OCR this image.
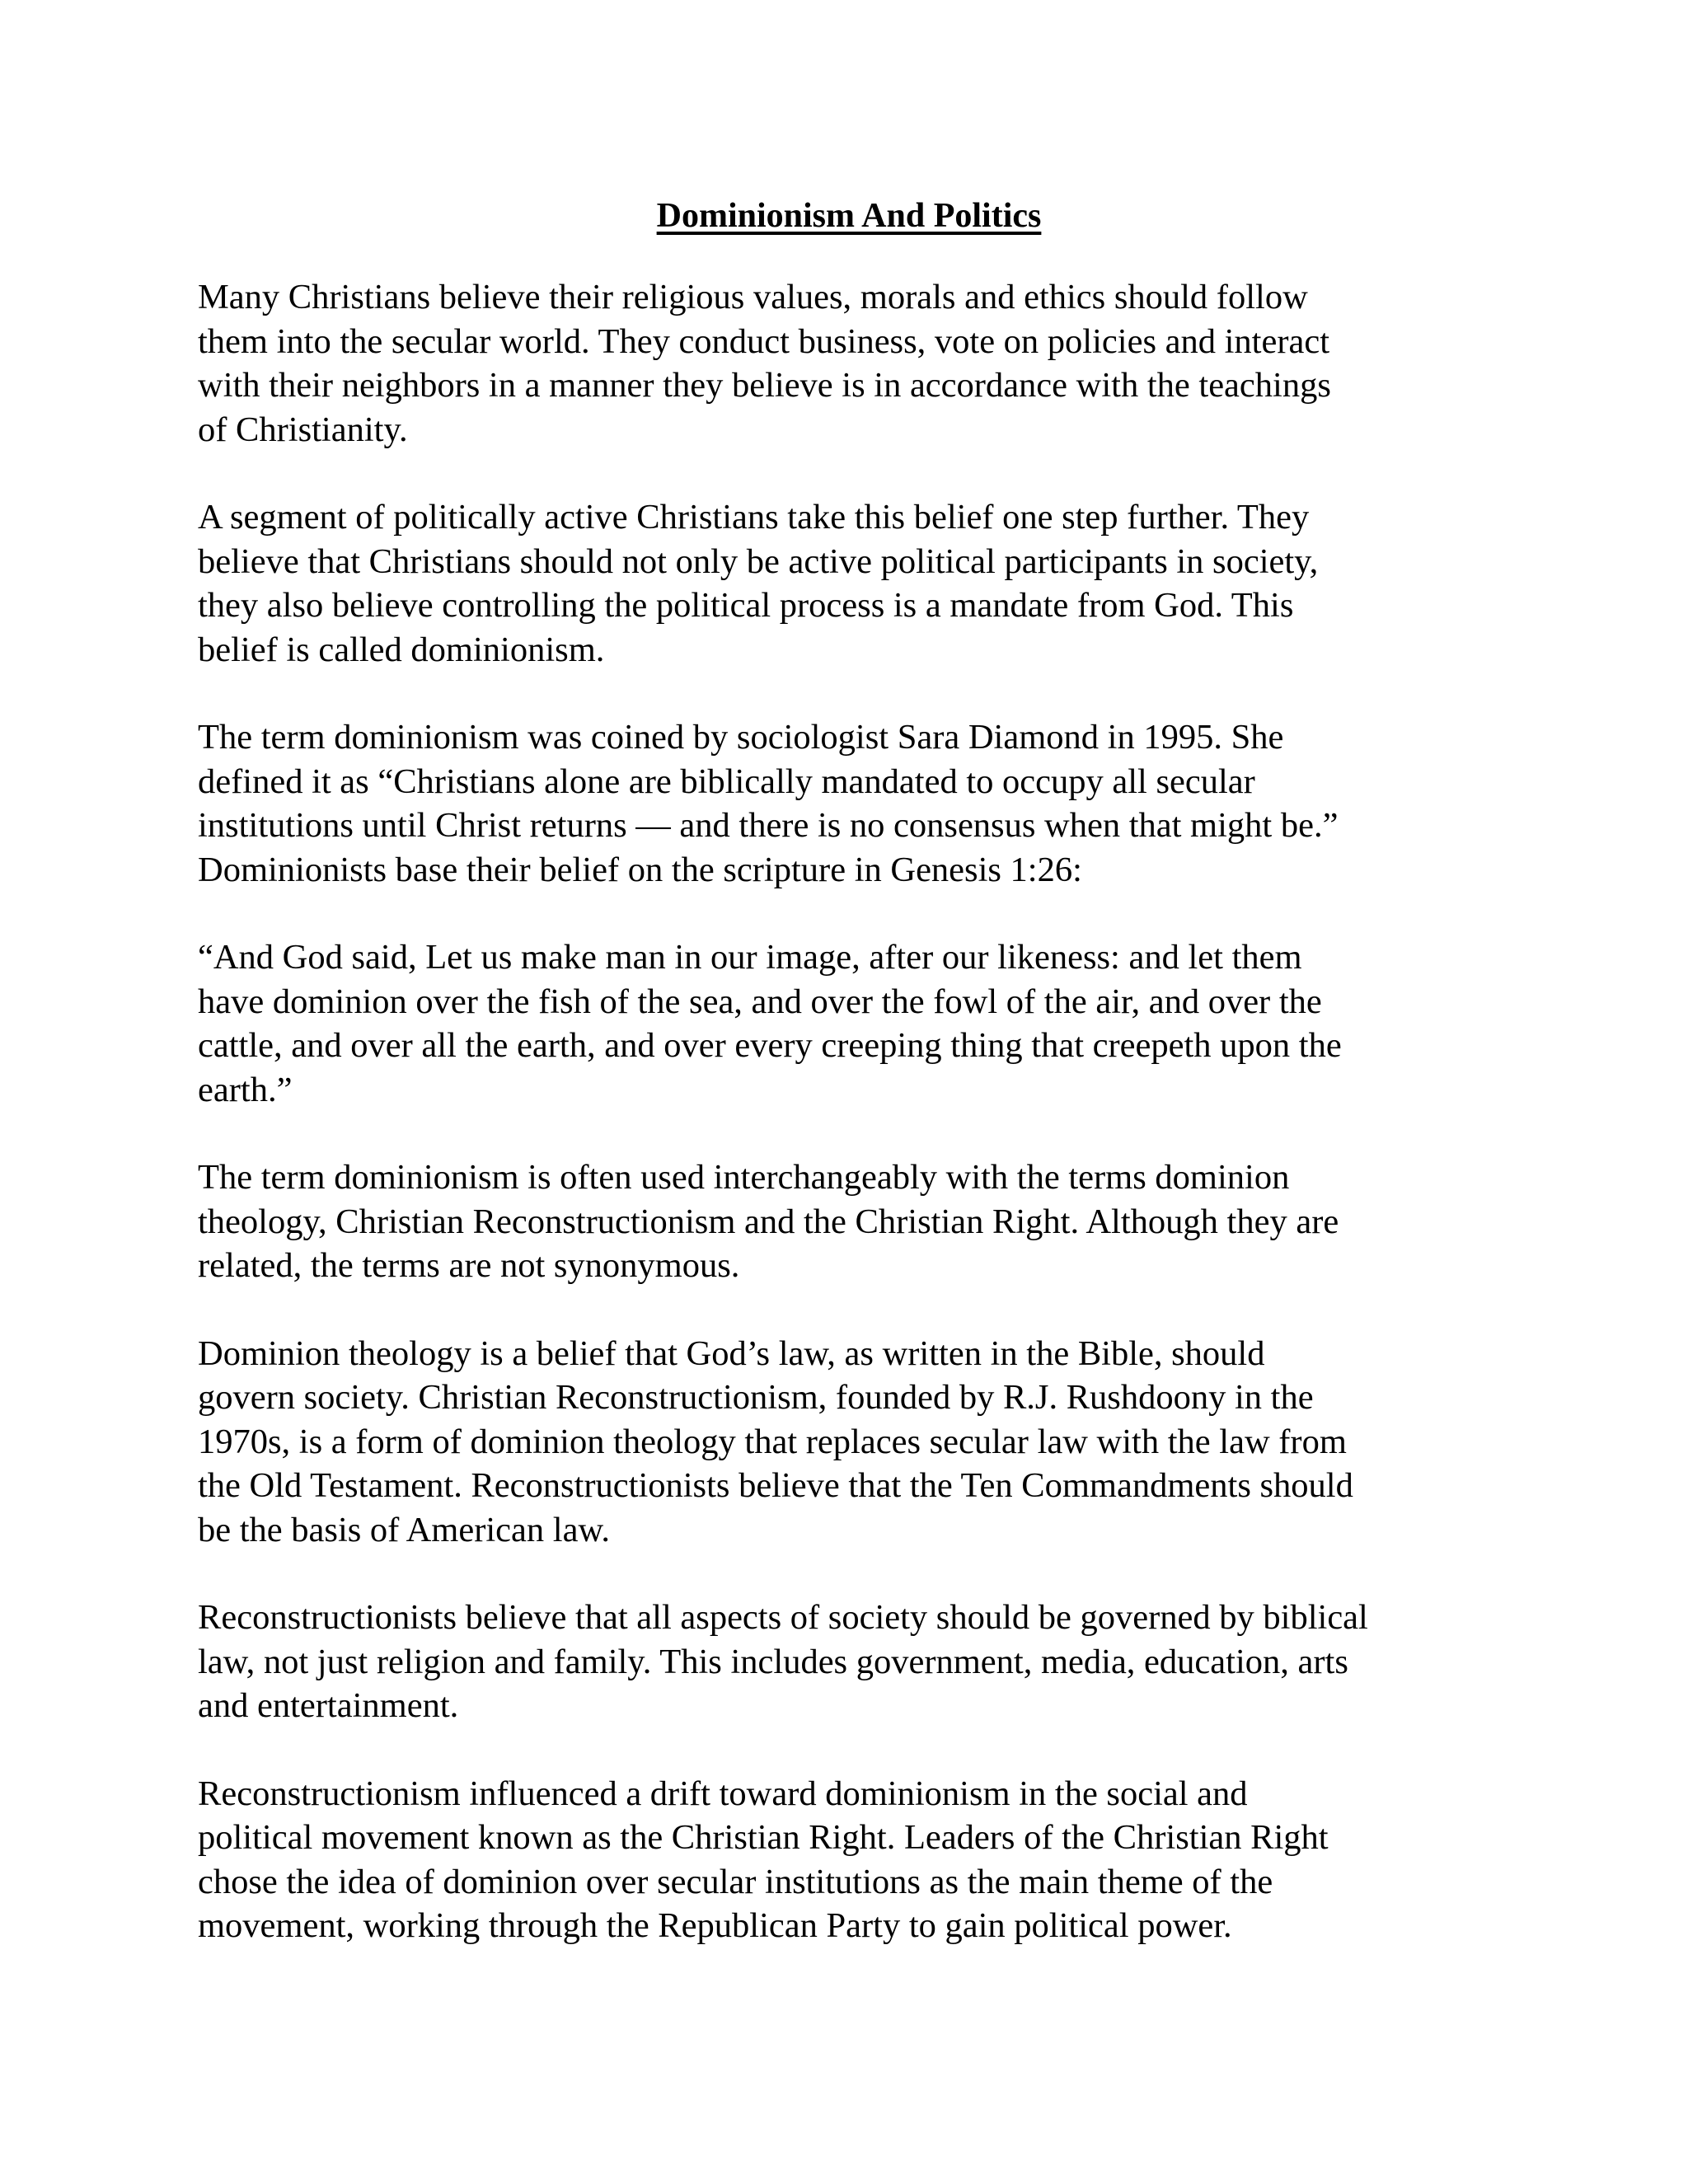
Dominionism And Politics
Many Christians believe their religious values, morals and ethics should follow
them into the secular world. They conduct business, vote on policies and interact
with their neighbors in a manner they believe is in accordance with the teachings
of Christianity.
A segment of politically active Christians take this belief one step further. They
believe that Christians should not only be active political participants in society,
they also believe controlling the political process is a mandate from God. This
belief is called dominionism.
The term dominionism was coined by sociologist Sara Diamond in 1995. She
defined it as “Christians alone are biblically mandated to occupy all secular
institutions until Christ returns — and there is no consensus when that might be.”
Dominionists base their belief on the scripture in Genesis 1:26:
“And God said, Let us make man in our image, after our likeness: and let them
have dominion over the fish of the sea, and over the fowl of the air, and over the
cattle, and over all the earth, and over every creeping thing that creepeth upon the
earth.”
The term dominionism is often used interchangeably with the terms dominion
theology, Christian Reconstructionism and the Christian Right. Although they are
related, the terms are not synonymous.
Dominion theology is a belief that God’s law, as written in the Bible, should
govern society. Christian Reconstructionism, founded by R.J. Rushdoony in the
1970s, is a form of dominion theology that replaces secular law with the law from
the Old Testament. Reconstructionists believe that the Ten Commandments should
be the basis of American law.
Reconstructionists believe that all aspects of society should be governed by biblical
law, not just religion and family. This includes government, media, education, arts
and entertainment.
Reconstructionism influenced a drift toward dominionism in the social and
political movement known as the Christian Right. Leaders of the Christian Right
chose the idea of dominion over secular institutions as the main theme of the
movement, working through the Republican Party to gain political power.
